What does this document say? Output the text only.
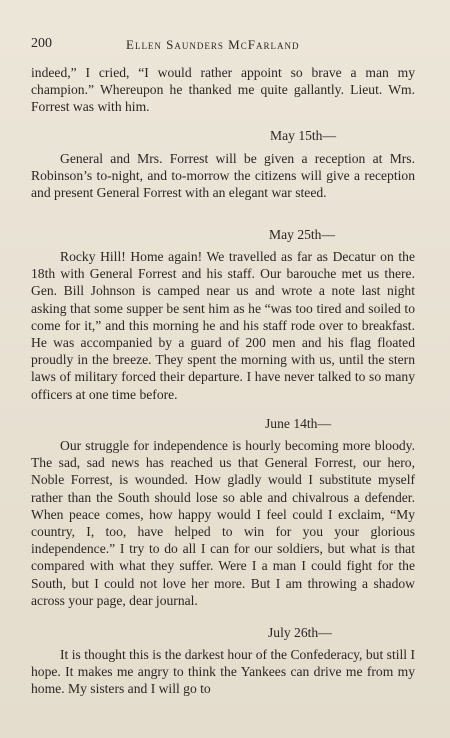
200	Ellen Saunders McFarland

indeed,” I cried, “I would rather appoint so brave a man my champion.” Whereupon he thanked me quite gallantly. Lieut. Wm. Forrest was with him.

May 15th—

General and Mrs. Forrest will be given a reception at Mrs. Robinson’s to-night, and to-morrow the citizens will give a reception and present General Forrest with an elegant war steed.

May 25th—

Rocky Hill! Home again! We travelled as far as Decatur on the 18th with General Forrest and his staff. Our barouche met us there. Gen. Bill Johnson is camped near us and wrote a note last night asking that some supper be sent him as he “was too tired and soiled to come for it,” and this morning he and his staff rode over to breakfast. He was accompanied by a guard of 200 men and his flag floated proudly in the breeze. They spent the morning with us, until the stern laws of military forced their departure. I have never talked to so many officers at one time before.

June 14th—

Our struggle for independence is hourly becoming more bloody. The sad, sad news has reached us that General Forrest, our hero, Noble Forrest, is wounded. How gladly would I substitute myself rather than the South should lose so able and chivalrous a defender. When peace comes, how happy would I feel could I exclaim, “My country, I, too, have helped to win for you your glorious independence.” I try to do all I can for our soldiers, but what is that compared with what they suffer. Were I a man I could fight for the South, but I could not love her more. But I am throwing a shadow across your page, dear journal.

July 26th—

It is thought this is the darkest hour of the Confederacy, but still I hope. It makes me angry to think the Yankees can drive me from my home. My sisters and I will go to
